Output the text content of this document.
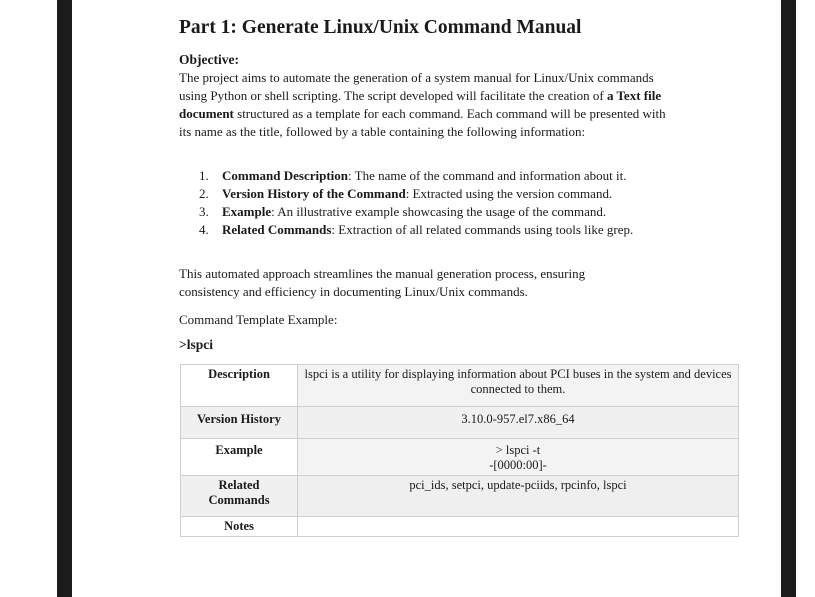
Part 1: Generate Linux/Unix Command Manual
Objective:
The project aims to automate the generation of a system manual for Linux/Unix commands using Python or shell scripting. The script developed will facilitate the creation of a Text file document structured as a template for each command. Each command will be presented with its name as the title, followed by a table containing the following information:
1. Command Description: The name of the command and information about it.
2. Version History of the Command: Extracted using the version command.
3. Example: An illustrative example showcasing the usage of the command.
4. Related Commands: Extraction of all related commands using tools like grep.
This automated approach streamlines the manual generation process, ensuring consistency and efficiency in documenting Linux/Unix commands.
Command Template Example:
>lspci
Description	lspci is a utility for displaying information about PCI buses in the system and devices connected to them.
Version History	3.10.0-957.el7.x86_64
Example	> lspci -t
-[0000:00]-

Related Commands	pci_ids, setpci, update-pciids, rpcinfo, lspci
Notes	
